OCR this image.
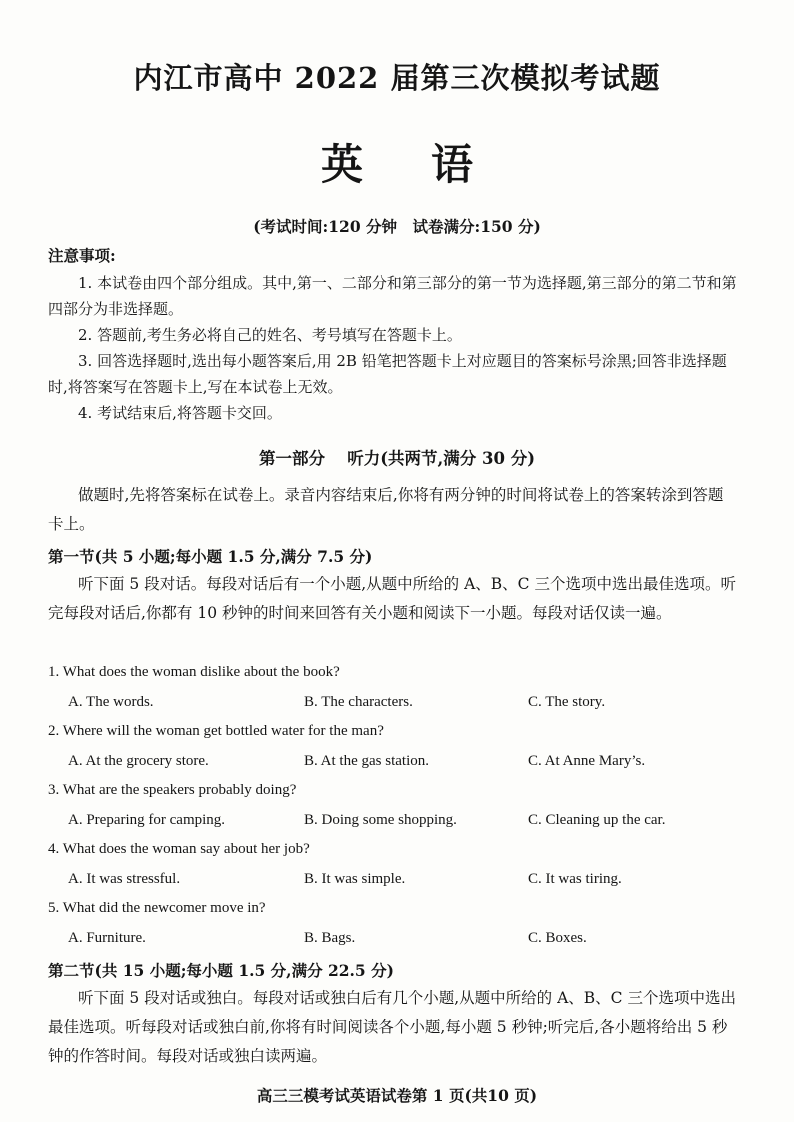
内江市高中 2022 届第三次模拟考试题
英 语
(考试时间:120 分钟　试卷满分:150 分)
注意事项:
1. 本试卷由四个部分组成。其中,第一、二部分和第三部分的第一节为选择题,第三部分的第二节和第四部分为非选择题。
2. 答题前,考生务必将自己的姓名、考号填写在答题卡上。
3. 回答选择题时,选出每小题答案后,用 2B 铅笔把答题卡上对应题目的答案标号涂黑;回答非选择题时,将答案写在答题卡上,写在本试卷上无效。
4. 考试结束后,将答题卡交回。
第一部分　 听力(共两节,满分 30 分)
做题时,先将答案标在试卷上。录音内容结束后,你将有两分钟的时间将试卷上的答案转涂到答题卡上。
第一节(共 5 小题;每小题 1.5 分,满分 7.5 分)
听下面 5 段对话。每段对话后有一个小题,从题中所给的 A、B、C 三个选项中选出最佳选项。听完每段对话后,你都有 10 秒钟的时间来回答有关小题和阅读下一小题。每段对话仅读一遍。
1. What does the woman dislike about the book?
A. The words.	B. The characters.	C. The story.
2. Where will the woman get bottled water for the man?
A. At the grocery store.	B. At the gas station.	C. At Anne Mary’s.
3. What are the speakers probably doing?
A. Preparing for camping.	B. Doing some shopping.	C. Cleaning up the car.
4. What does the woman say about her job?
A. It was stressful.	B. It was simple.	C. It was tiring.
5. What did the newcomer move in?
A. Furniture.	B. Bags.	C. Boxes.
第二节(共 15 小题;每小题 1.5 分,满分 22.5 分)
听下面 5 段对话或独白。每段对话或独白后有几个小题,从题中所给的 A、B、C 三个选项中选出最佳选项。听每段对话或独白前,你将有时间阅读各个小题,每小题 5 秒钟;听完后,各小题将给出 5 秒钟的作答时间。每段对话或独白读两遍。
高三三模考试英语试卷第 1 页(共10 页)
